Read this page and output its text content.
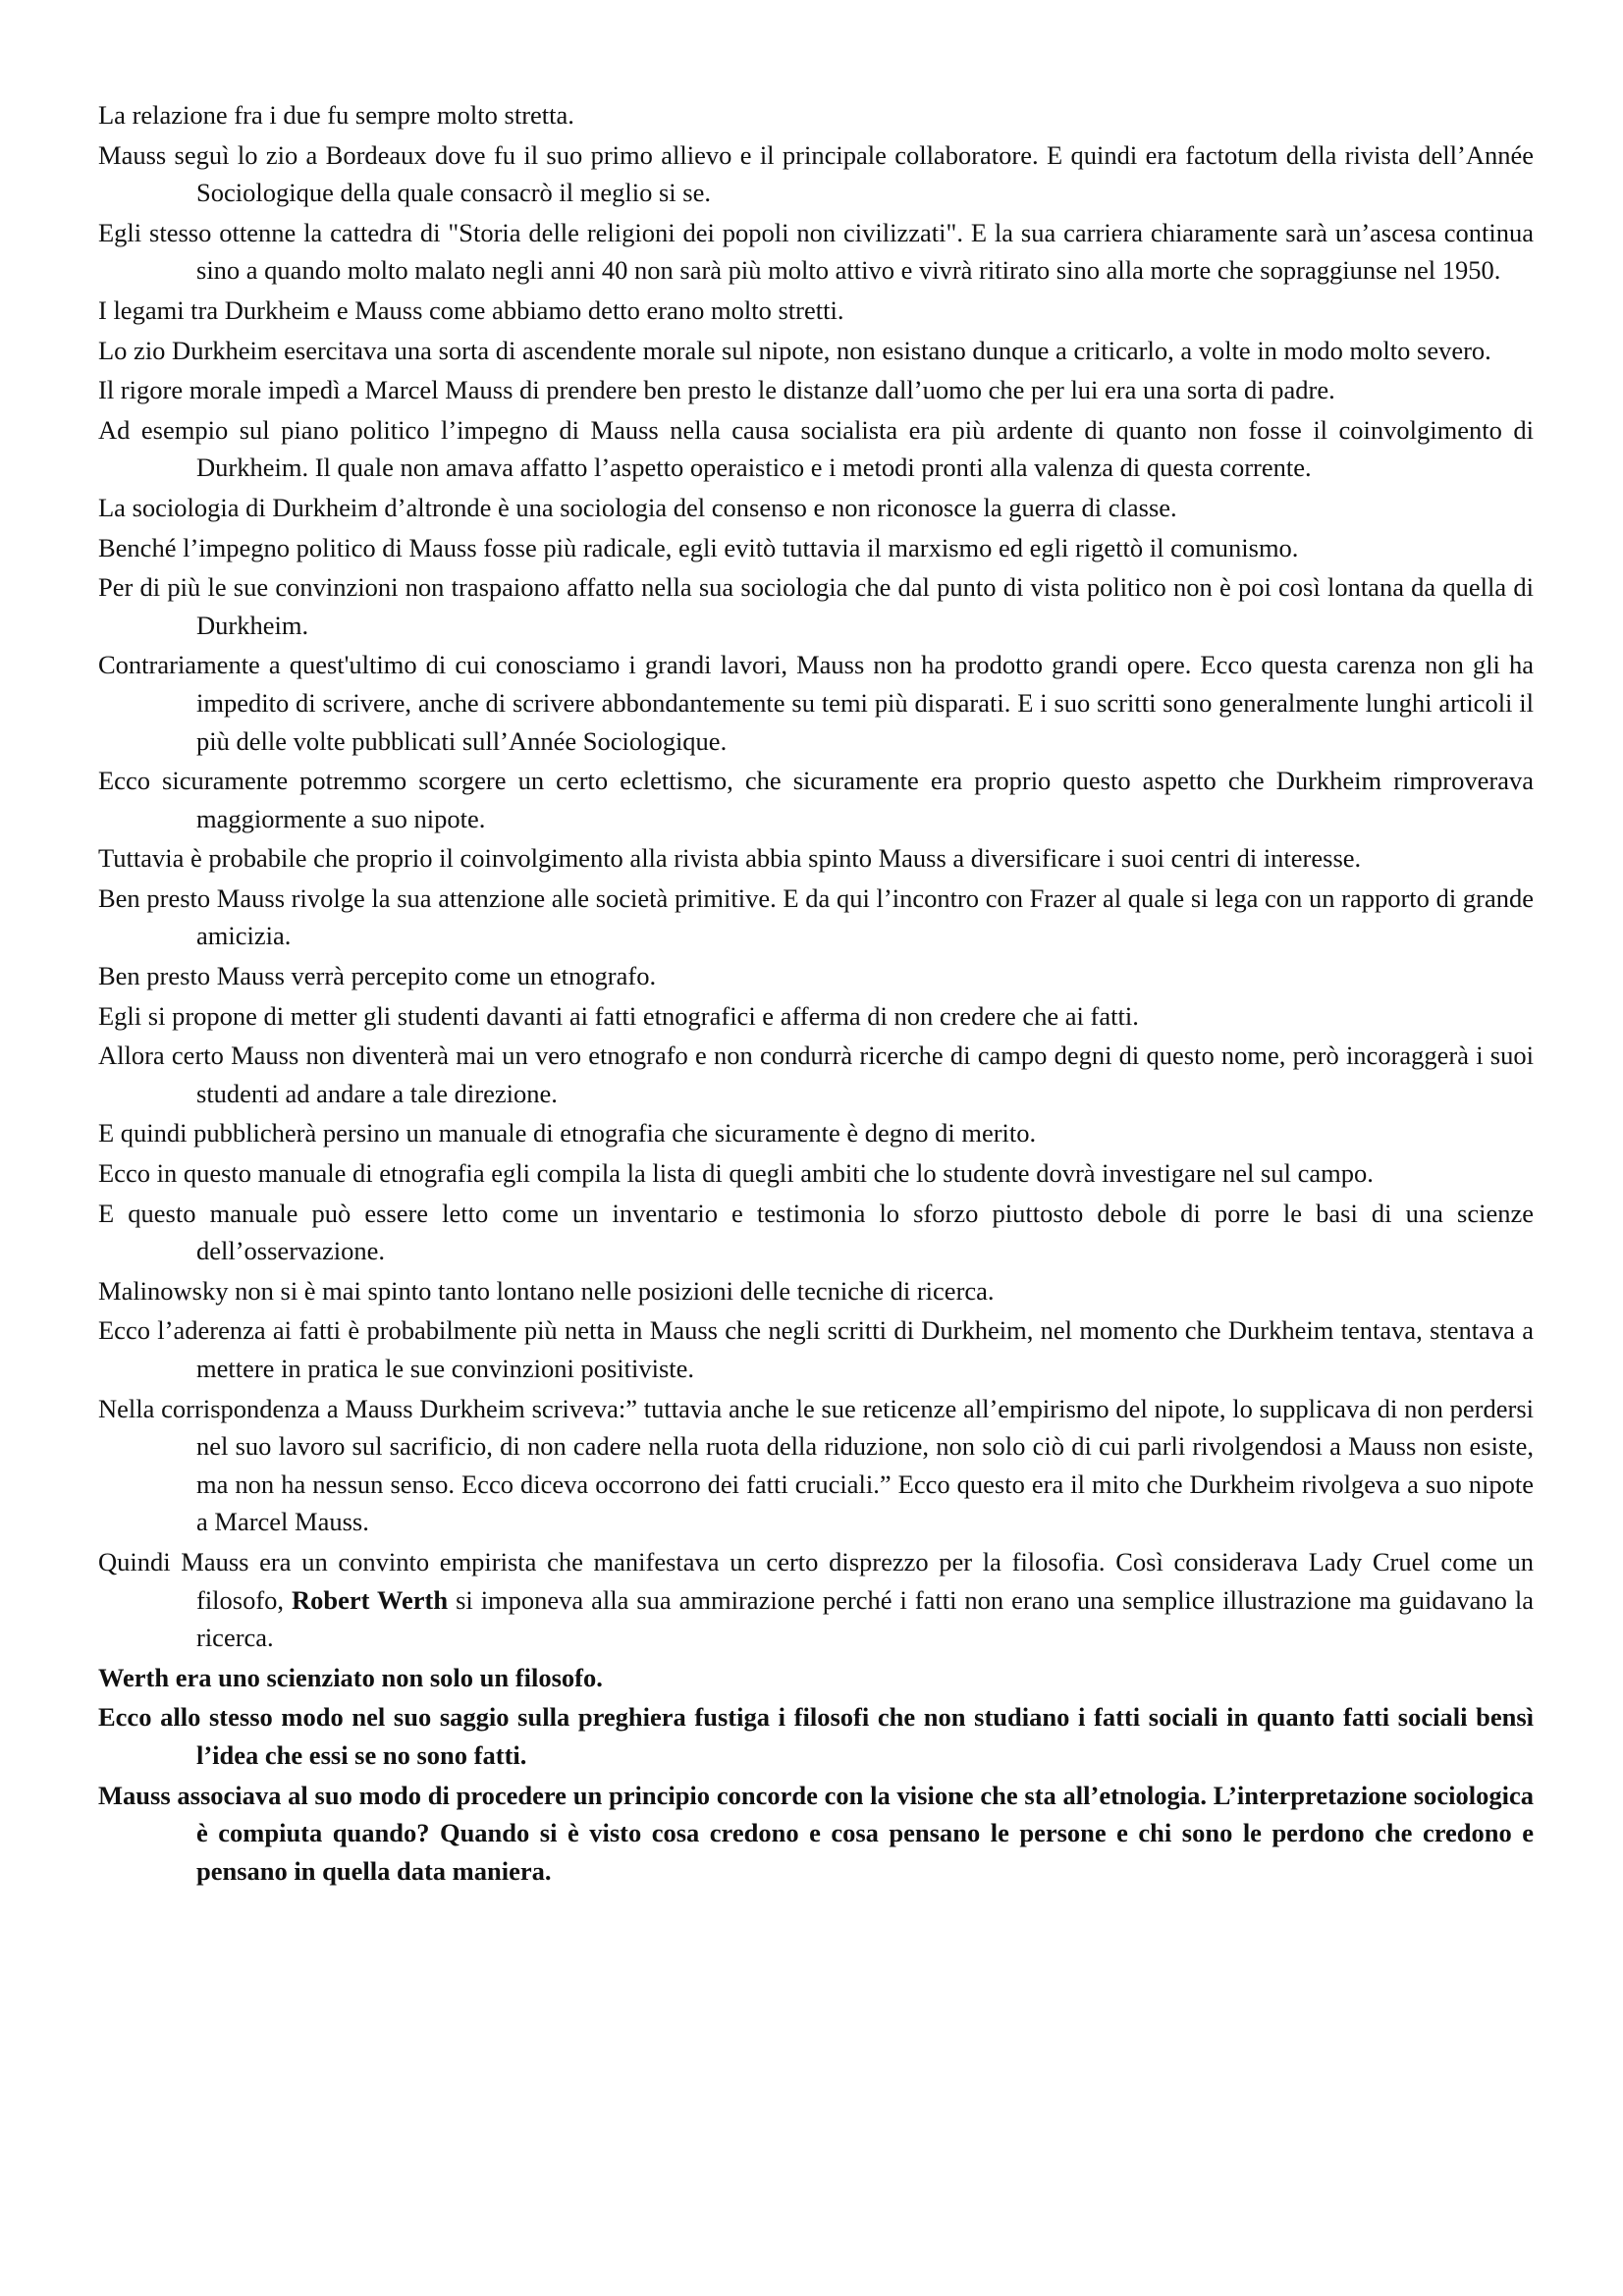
La relazione fra i due fu sempre molto stretta.

Mauss seguì lo zio a Bordeaux dove fu il suo primo allievo e il principale collaboratore. E quindi era factotum della rivista dell’Année Sociologique della quale consacrò il meglio si se.

Egli stesso ottenne la cattedra di "Storia delle religioni dei popoli non civilizzati". E la sua carriera chiaramente sarà un’ascesa continua sino a quando molto malato negli anni 40 non sarà più molto attivo e vivrà ritirato sino alla morte che sopraggiunse nel 1950.

I legami tra Durkheim e Mauss come abbiamo detto erano molto stretti.

Lo zio Durkheim esercitava una sorta di ascendente morale sul nipote, non esistano dunque a criticarlo, a volte in modo molto severo.

Il rigore morale impedì a Marcel Mauss di prendere ben presto le distanze dall’uomo che per lui era una sorta di padre.

Ad esempio sul piano politico l’impegno di Mauss nella causa socialista era più ardente di quanto non fosse il coinvolgimento di Durkheim. Il quale non amava affatto l’aspetto operaistico e i metodi pronti alla valenza di questa corrente.

La sociologia di Durkheim d’altronde è una sociologia del consenso e non riconosce la guerra di classe.

Benché l’impegno politico di Mauss fosse più radicale, egli evitò tuttavia il marxismo ed egli rigettò il comunismo.

Per di più le sue convinzioni non traspaiono affatto nella sua sociologia che dal punto di vista politico non è poi così lontana da quella di Durkheim.

Contrariamente a quest'ultimo di cui conosciamo i grandi lavori, Mauss non ha prodotto grandi opere. Ecco questa carenza non gli ha impedito di scrivere, anche di scrivere abbondantemente su temi più disparati. E i suo scritti sono generalmente lunghi articoli il più delle volte pubblicati sull’Année Sociologique.

Ecco sicuramente potremmo scorgere un certo eclettismo, che sicuramente era proprio questo aspetto che Durkheim rimproverava maggiormente a suo nipote.

Tuttavia è probabile che proprio il coinvolgimento alla rivista abbia spinto Mauss a diversificare i suoi centri di interesse.

Ben presto Mauss rivolge la sua attenzione alle società primitive. E da qui l’incontro con Frazer al quale si lega con un rapporto di grande amicizia.

Ben presto Mauss verrà percepito come un etnografo.

Egli si propone di metter gli studenti davanti ai fatti etnografici e afferma di non credere che ai fatti.

Allora certo Mauss non diventerà mai un vero etnografo e non condurrà ricerche di campo degni di questo nome, però incoraggerà i suoi studenti ad andare a tale direzione.

E quindi pubblicherà persino un manuale di etnografia che sicuramente è degno di merito.

Ecco in questo manuale di etnografia egli compila la lista di quegli ambiti che lo studente dovrà investigare nel sul campo.

E questo manuale può essere letto come un inventario e testimonia lo sforzo piuttosto debole di porre le basi di una scienze dell’osservazione.

Malinowsky non si è mai spinto tanto lontano nelle posizioni delle tecniche di ricerca.

Ecco l’aderenza ai fatti è probabilmente più netta in Mauss che negli scritti di Durkheim, nel momento che Durkheim tentava, stentava a mettere in pratica le sue convinzioni positiviste.

Nella corrispondenza a Mauss Durkheim scriveva:” tuttavia anche le sue reticenze all’empirismo del nipote, lo supplicava di non perdersi nel suo lavoro sul sacrificio, di non cadere nella ruota della riduzione, non solo ciò di cui parli rivolgendosi a Mauss non esiste, ma non ha nessun senso. Ecco diceva occorrono dei fatti cruciali.” Ecco questo era il mito che Durkheim rivolgeva a suo nipote a Marcel Mauss.

Quindi Mauss era un convinto empirista che manifestava un certo disprezzo per la filosofia. Così considerava Lady Cruel come un filosofo, Robert Werth si imponeva alla sua ammirazione perché i fatti non erano una semplice illustrazione ma guidavano la ricerca.

Werth era uno scienziato non solo un filosofo.

Ecco allo stesso modo nel suo saggio sulla preghiera fustiga i filosofi che non studiano i fatti sociali in quanto fatti sociali bensì l’idea che essi se no sono fatti.

Mauss associava al suo modo di procedere un principio concorde con la visione che sta all’etnologia. L’interpretazione sociologica è compiuta quando? Quando si è visto cosa credono e cosa pensano le persone e chi sono le perdono che credono e pensano in quella data maniera.
